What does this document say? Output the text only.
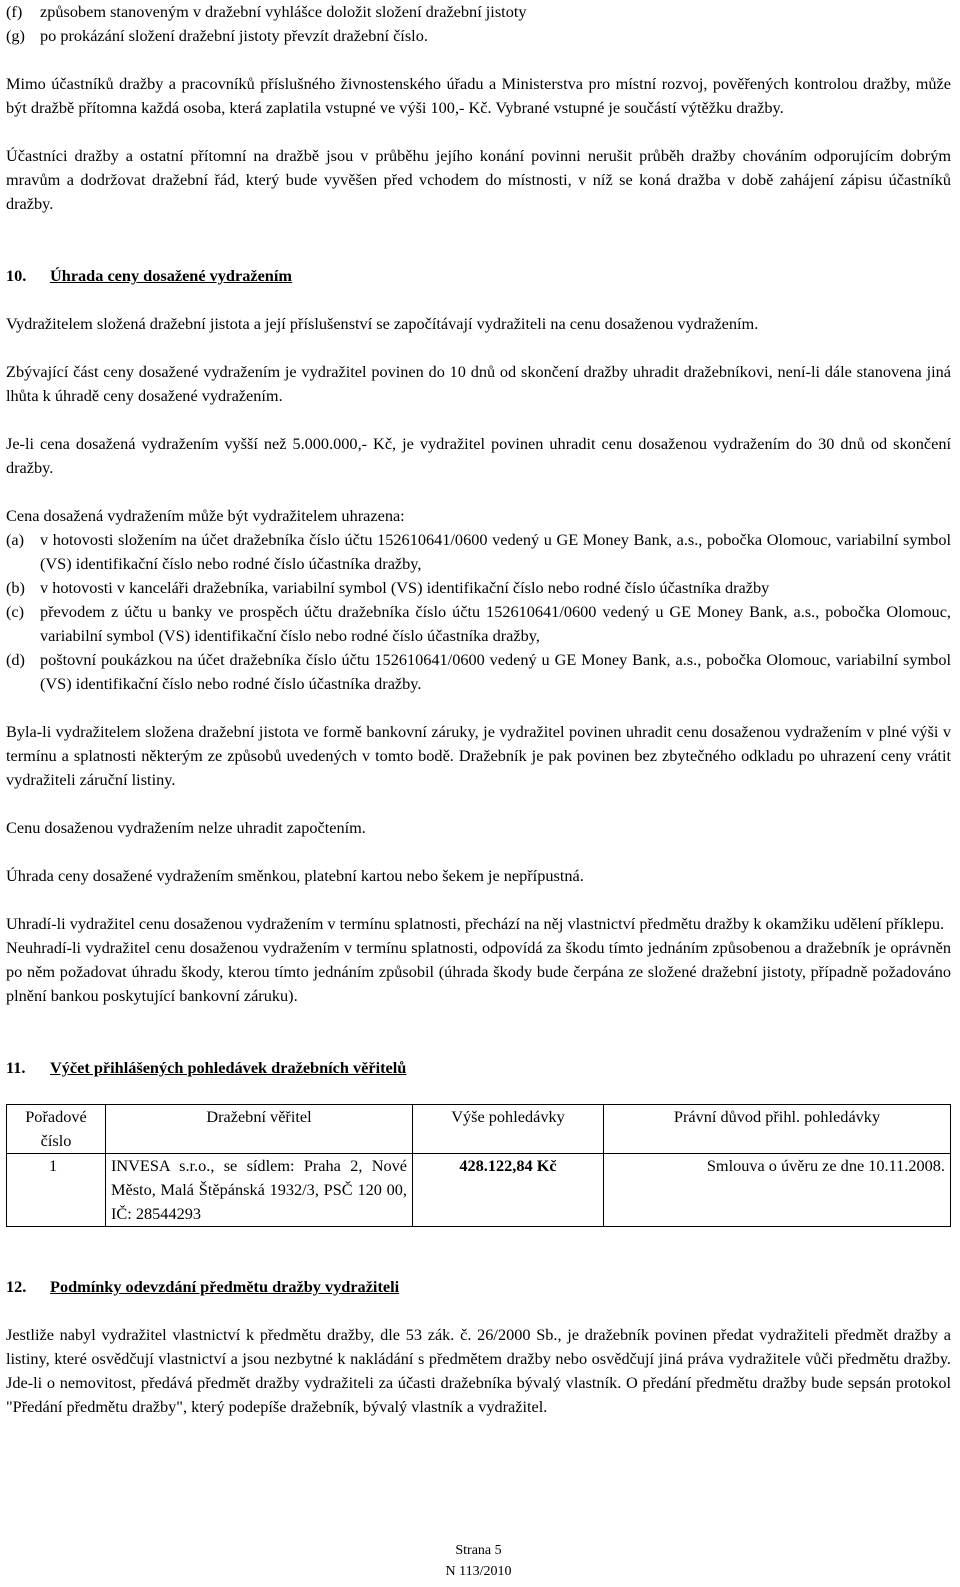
(f)	způsobem stanoveným v dražební vyhlášce doložit složení dražební jistoty
(g) po prokázání složení dražební jistoty převzít dražební číslo.

Mimo účastníků dražby a pracovníků příslušného živnostenského úřadu a Ministerstva pro místní rozvoj, pověřených kontrolou dražby, může být dražbě přítomna každá osoba, která zaplatila vstupné ve výši 100,- Kč. Vybrané vstupné je součástí výtěžku dražby.

Účastníci dražby a ostatní přítomní na dražbě jsou v průběhu jejího konání povinni nerušit průběh dražby chováním odporujícím dobrým mravům a dodržovat dražební řád, který bude vyvěšen před vchodem do místnosti, v níž se koná dražba v době zahájení zápisu účastníků dražby.

10.	Úhrada ceny dosažené vydražením

Vydražitelem složená dražební jistota a její příslušenství se započítávají vydražiteli na cenu dosaženou vydražením.

Zbývající část ceny dosažené vydražením je vydražitel povinen do 10 dnů od skončení dražby uhradit dražebníkovi, není-li dále stanovena jiná lhůta k úhradě ceny dosažené vydražením.

Je-li cena dosažená vydražením vyšší než 5.000.000,- Kč, je vydražitel povinen uhradit cenu dosaženou vydražením do 30 dnů od skončení dražby.

Cena dosažená vydražením může být vydražitelem uhrazena:

(a) v hotovosti složením na účet dražebníka číslo účtu 152610641/0600 vedený u GE Money Bank, a.s., pobočka Olomouc, variabilní symbol (VS) identifikační číslo nebo rodné číslo účastníka dražby,
(b) v hotovosti v kanceláři dražebníka, variabilní symbol (VS) identifikační číslo nebo rodné číslo účastníka dražby
(c) převodem z účtu u banky ve prospěch účtu dražebníka číslo účtu 152610641/0600 vedený u GE Money Bank, a.s., pobočka Olomouc, variabilní symbol (VS) identifikační číslo nebo rodné číslo účastníka dražby,
(d) poštovní poukázkou na účet dražebníka číslo účtu 152610641/0600 vedený u GE Money Bank, a.s., pobočka Olomouc, variabilní symbol (VS) identifikační číslo nebo rodné číslo účastníka dražby.

Byla-li vydražitelem složena dražební jistota ve formě bankovní záruky, je vydražitel povinen uhradit cenu dosaženou vydražením v plné výši v termínu a splatnosti některým ze způsobů uvedených v tomto bodě. Dražebník je pak povinen bez zbytečného odkladu po uhrazení ceny vrátit vydražiteli záruční listiny.

Cenu dosaženou vydražením nelze uhradit započtením.

Úhrada ceny dosažené vydražením směnkou, platební kartou nebo šekem je nepřípustná.

Uhradí-li vydražitel cenu dosaženou vydražením v termínu splatnosti, přechází na něj vlastnictví předmětu dražby k okamžiku udělení příklepu.

Neuhradí-li vydražitel cenu dosaženou vydražením v termínu splatnosti, odpovídá za škodu tímto jednáním způsobenou a dražebník je oprávněn po něm požadovat úhradu škody, kterou tímto jednáním způsobil (úhrada škody bude čerpána ze složené dražební jistoty, případně požadováno plnění bankou poskytující bankovní záruku).

11.	Výčet přihlášených pohledávek dražebních věřitelů
Pořadové číslo	Dražební věřitel	Výše pohledávky	Právní důvod přihl. pohledávky
1	INVESA s.r.o., se sídlem: Praha 2, Nové Město, Malá Štěpánská 1932/3, PSČ 120 00, IČ: 28544293	428.122,84 Kč	Smlouva o úvěru ze dne 10.11.2008.
12.	Podmínky odevzdání předmětu dražby vydražiteli

Jestliže nabyl vydražitel vlastnictví k předmětu dražby, dle 53 zák. č. 26/2000 Sb., je dražebník povinen předat vydražiteli předmět dražby a listiny, které osvědčují vlastnictví a jsou nezbytné k nakládání s předmětem dražby nebo osvědčují jiná práva vydražitele vůči předmětu dražby. Jde-li o nemovitost, předává předmět dražby vydražiteli za účasti dražebníka bývalý vlastník. O předání předmětu dražby bude sepsán protokol "Předání předmětu dražby", který podepíše dražebník, bývalý vlastník a vydražitel.

Strana 5
N 113/2010
